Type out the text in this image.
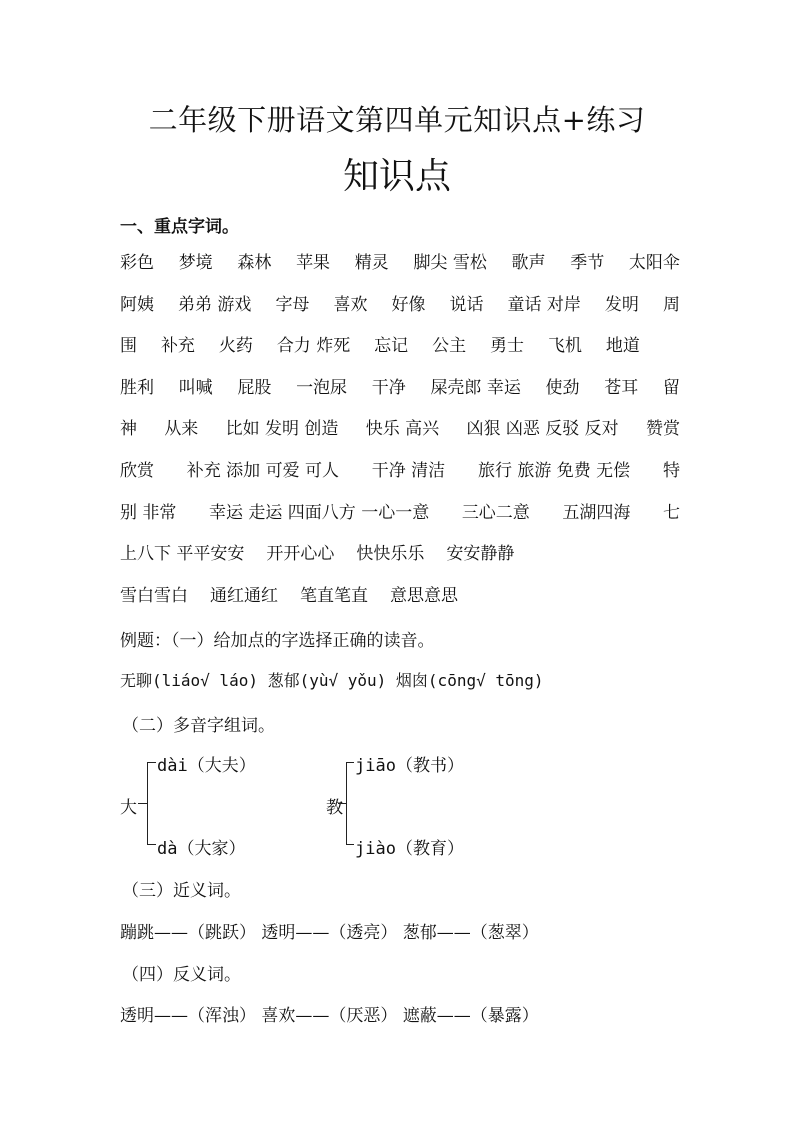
二年级下册语文第四单元知识点+练习
知识点
一、重点字词。
彩色 梦境 森林 苹果 精灵 脚尖 雪松 歌声 季节 太阳伞
阿姨 弟弟 游戏 字母 喜欢 好像 说话 童话 对岸 发明 周
围 补充 火药 合力 炸死 忘记 公主 勇士 飞机 地道
胜利 叫喊 屁股 一泡尿 干净 屎壳郎 幸运 使劲 苍耳 留
神 从来 比如 发明 创造 快乐 高兴 凶狠 凶恶 反驳 反对 赞赏
欣赏 补充 添加 可爱 可人 干净 清洁 旅行 旅游 免费 无偿 特
别 非常 幸运 走运 四面八方 一心一意 三心二意 五湖四海 七
上八下 平平安安 开开心心 快快乐乐 安安静静
雪白雪白 通红通红 笔直笔直 意思意思
例题：（一）给加点的字选择正确的读音。
无聊(liáo√ láo) 葱郁(yù√ yǒu) 烟囱(cōng√ tōng)
（二）多音字组词。
大
dài（大夫）
dà（大家）
教
jiāo（教书）
jiào（教育）
（三）近义词。
蹦跳——（跳跃） 透明——（透亮） 葱郁——（葱翠）
（四）反义词。
透明——（浑浊） 喜欢——（厌恶） 遮蔽——（暴露）
